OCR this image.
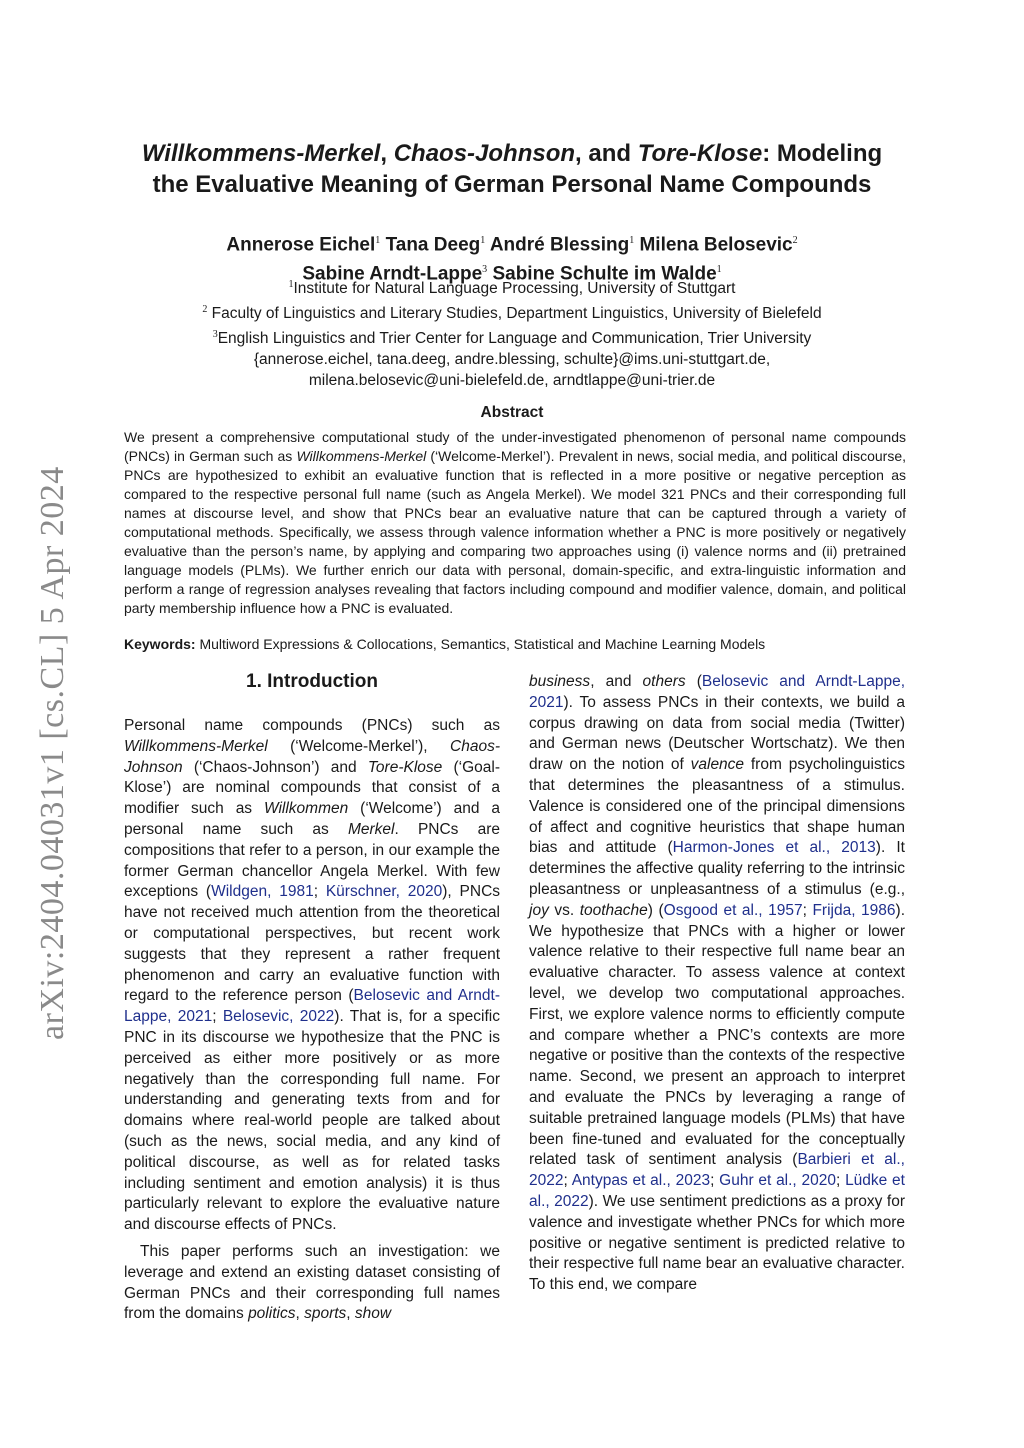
arXiv:2404.04031v1 [cs.CL] 5 Apr 2024
Willkommens-Merkel, Chaos-Johnson, and Tore-Klose: Modeling
the Evaluative Meaning of German Personal Name Compounds
Annerose Eichel$^1$ Tana Deeg$^1$ André Blessing$^1$ Milena Belosevic$^2$
Sabine Arndt-Lappe$^3$ Sabine Schulte im Walde$^1$
$^1$Institute for Natural Language Processing, University of Stuttgart
$^2$ Faculty of Linguistics and Literary Studies, Department Linguistics, University of Bielefeld
$^3$English Linguistics and Trier Center for Language and Communication, Trier University
{annerose.eichel, tana.deeg, andre.blessing, schulte}@ims.uni-stuttgart.de,
milena.belosevic@uni-bielefeld.de, arndtlappe@uni-trier.de
Abstract
We present a comprehensive computational study of the under-investigated phenomenon of personal name compounds (PNCs) in German such as Willkommens-Merkel (‘Welcome-Merkel’). Prevalent in news, social media, and political discourse, PNCs are hypothesized to exhibit an evaluative function that is reflected in a more positive or negative perception as compared to the respective personal full name (such as Angela Merkel). We model 321 PNCs and their corresponding full names at discourse level, and show that PNCs bear an evaluative nature that can be captured through a variety of computational methods. Specifically, we assess through valence information whether a PNC is more positively or negatively evaluative than the person’s name, by applying and comparing two approaches using (i) valence norms and (ii) pretrained language models (PLMs). We further enrich our data with personal, domain-specific, and extra-linguistic information and perform a range of regression analyses revealing that factors including compound and modifier valence, domain, and political party membership influence how a PNC is evaluated.
Keywords: Multiword Expressions & Collocations, Semantics, Statistical and Machine Learning Models
1. Introduction

Personal name compounds (PNCs) such as Willkommens-Merkel (‘Welcome-Merkel’), Chaos-Johnson (‘Chaos-Johnson’) and Tore-Klose (‘Goal-Klose’) are nominal compounds that consist of a modifier such as Willkommen (‘Welcome’) and a personal name such as Merkel. PNCs are compositions that refer to a person, in our example the former German chancellor Angela Merkel. With few exceptions (Wildgen, 1981; Kürschner, 2020), PNCs have not received much attention from the theoretical or computational perspectives, but recent work suggests that they represent a rather frequent phenomenon and carry an evaluative function with regard to the reference person (Belosevic and Arndt-Lappe, 2021; Belosevic, 2022). That is, for a specific PNC in its discourse we hypothesize that the PNC is perceived as either more positively or as more negatively than the corresponding full name. For understanding and generating texts from and for domains where real-world people are talked about (such as the news, social media, and any kind of political discourse, as well as for related tasks including sentiment and emotion analysis) it is thus particularly relevant to explore the evaluative nature and discourse effects of PNCs.

This paper performs such an investigation: we leverage and extend an existing dataset consisting of German PNCs and their corresponding full names from the domains politics, sports, show

business, and others (Belosevic and Arndt-Lappe, 2021). To assess PNCs in their contexts, we build a corpus drawing on data from social media (Twitter) and German news (Deutscher Wortschatz). We then draw on the notion of valence from psycholinguistics that determines the pleasantness of a stimulus. Valence is considered one of the principal dimensions of affect and cognitive heuristics that shape human bias and attitude (Harmon-Jones et al., 2013). It determines the affective quality referring to the intrinsic pleasantness or unpleasantness of a stimulus (e.g., joy vs. toothache) (Osgood et al., 1957; Frijda, 1986). We hypothesize that PNCs with a higher or lower valence relative to their respective full name bear an evaluative character. To assess valence at context level, we develop two computational approaches. First, we explore valence norms to efficiently compute and compare whether a PNC’s contexts are more negative or positive than the contexts of the respective name. Second, we present an approach to interpret and evaluate the PNCs by leveraging a range of suitable pretrained language models (PLMs) that have been fine-tuned and evaluated for the conceptually related task of sentiment analysis (Barbieri et al., 2022; Antypas et al., 2023; Guhr et al., 2020; Lüdke et al., 2022). We use sentiment predictions as a proxy for valence and investigate whether PNCs for which more positive or negative sentiment is predicted relative to their respective full name bear an evaluative character. To this end, we compare
